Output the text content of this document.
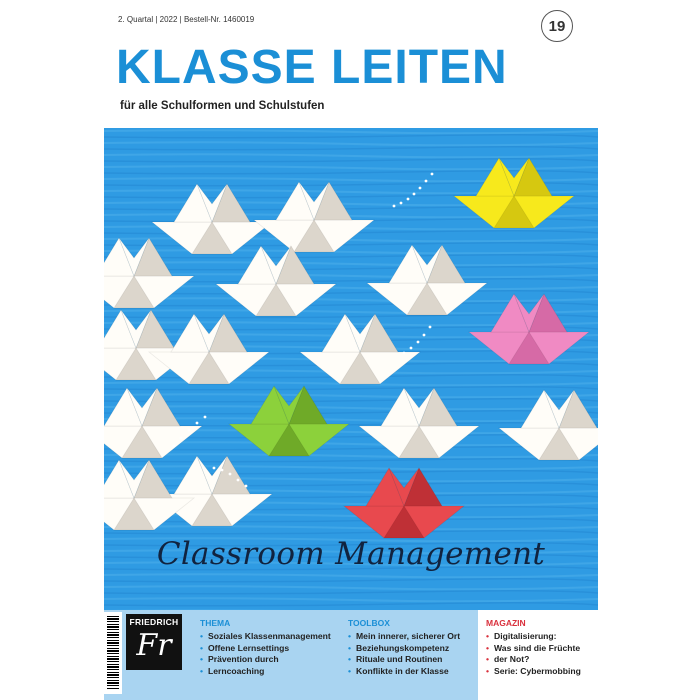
2. Quartal | 2022 | Bestell-Nr. 1460019	19
KLASSE LEITEN
für alle Schulformen und Schulstufen
Classroom Management
FRIEDRICH
Fr
THEMA
• Soziales Klassenmanagement
• Offene Lernsettings
• Prävention durch
• Lerncoaching
TOOLBOX
• Mein innerer, sicherer Ort
• Beziehungskompetenz
• Rituale und Routinen
• Konflikte in der Klasse
MAGAZIN
• Digitalisierung:
• Was sind die Früchte
• der Not?
• Serie: Cybermobbing
